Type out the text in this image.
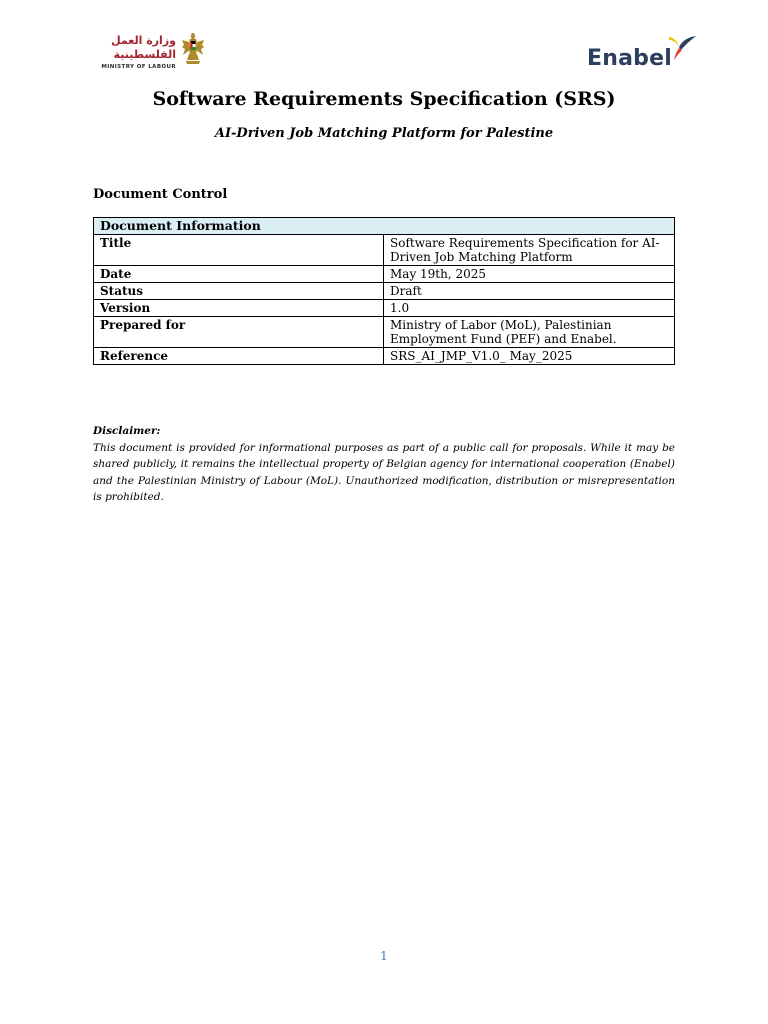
وزارة العمل الفلسطينية
MINISTRY OF LABOUR	Enabel
Software Requirements Specification (SRS)
AI-Driven Job Matching Platform for Palestine
Document Control
Document Information	
Title	Software Requirements Specification for AI-Driven Job Matching Platform
Date	May 19th, 2025
Status	Draft
Version	1.0
Prepared for	Ministry of Labor (MoL), Palestinian Employment Fund (PEF) and Enabel.
Reference	SRS_AI_JMP_V1.0_ May_2025
Disclaimer:
This document is provided for informational purposes as part of a public call for proposals. While it may be shared publicly, it remains the intellectual property of Belgian agency for international cooperation (Enabel) and the Palestinian Ministry of Labour (MoL). Unauthorized modification, distribution or misrepresentation is prohibited.
1
